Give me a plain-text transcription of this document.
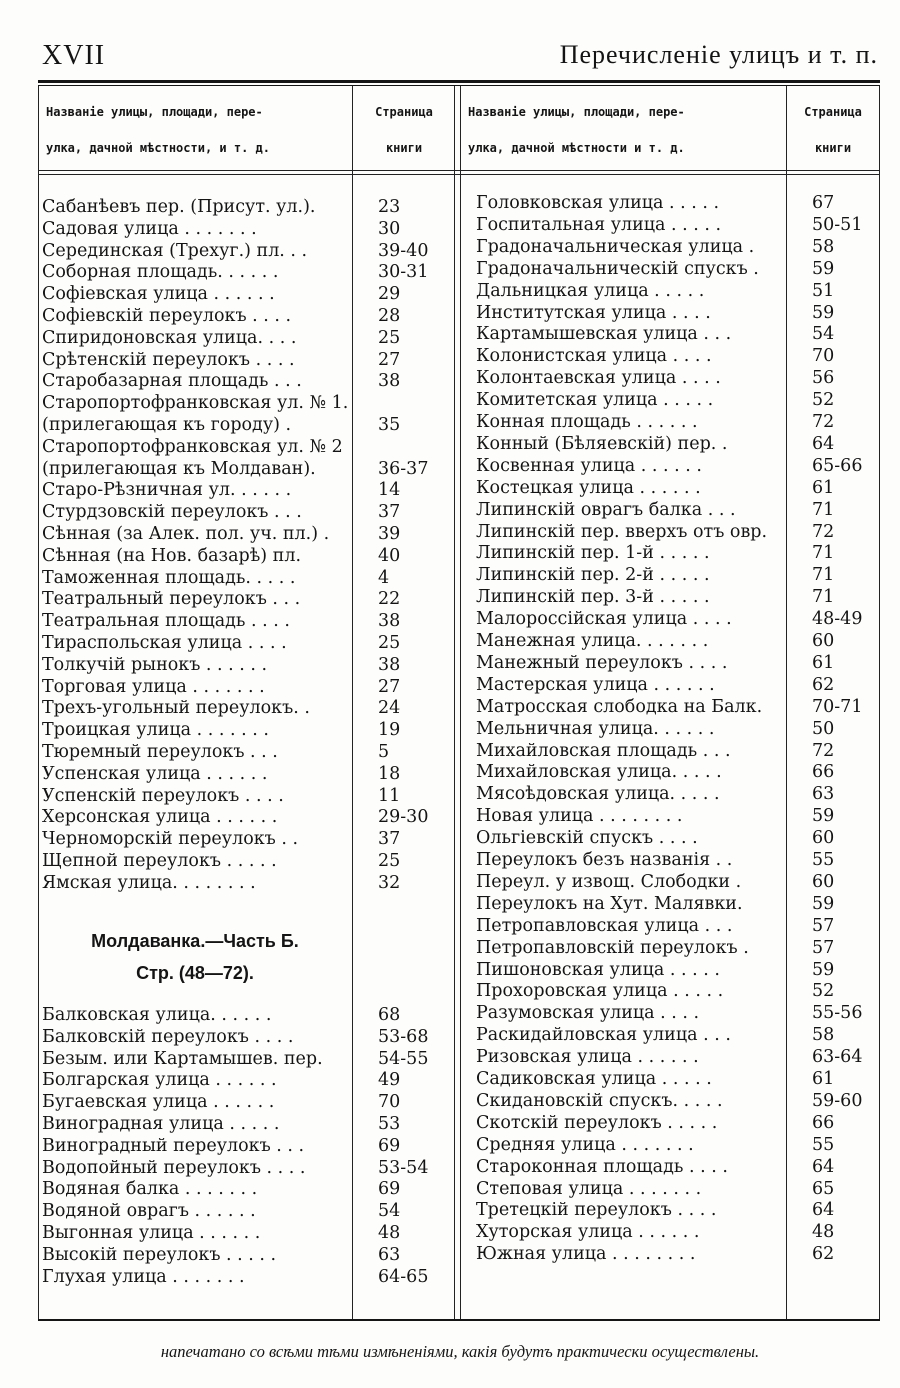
XVII	Перечисленіе улицъ и т. п.
Названіе улицы, площади, пере-
улка, дачной мѣстности, и т. д.
Страница
книги
Названіе улицы, площади, пере-
улка, дачной мѣстности и т. д.
Страница
книги
Сабанѣевъ пер. (Присут. ул.).	23
Садовая улица . . . . . . .	30
Серединская (Трехуг.) пл. . .	39-40
Соборная площадь. . . . . .	30-31
Софіевская улица . . . . . .	29
Софіевскій переулокъ . . . .	28
Спиридоновская улица. . . .	25
Срѣтенскій переулокъ . . . .	27
Старобазарная площадь . . .	38
Старопортофранковская ул. № 1.
(прилегающая къ городу) .	35
Старопортофранковская ул. № 2
(прилегающая къ Молдаван).	36-37
Старо-Рѣзничная ул. . . . . .	14
Стурдзовскій переулокъ . . .	37
Сѣнная (за Алек. пол. уч. пл.) .	39
Сѣнная (на Нов. базарѣ) пл.	40
Таможенная площадь. . . . .	4
Театральный переулокъ . . .	22
Театральная площадь . . . .	38
Тираспольская улица . . . .	25
Толкучій рынокъ . . . . . .	38
Торговая улица . . . . . . .	27
Трехъ-угольный переулокъ. .	24
Троицкая улица . . . . . . .	19
Тюремный переулокъ . . .	5
Успенская улица . . . . . .	18
Успенскій переулокъ . . . .	11
Херсонская улица . . . . . .	29-30
Черноморскій переулокъ . .	37
Щепной переулокъ . . . . .	25
Ямская улица. . . . . . . .	32
Молдаванка.—Часть Б.
Стр. (48—72).
Балковская улица. . . . . .	68
Балковскій переулокъ . . . .	53-68
Безым. или Картамышев. пер.	54-55
Болгарская улица . . . . . .	49
Бугаевская улица . . . . . .	70
Виноградная улица . . . . .	53
Виноградный переулокъ . . .	69
Водопойный переулокъ . . . .	53-54
Водяная балка . . . . . . .	69
Водяной оврагъ . . . . . .	54
Выгонная улица . . . . . .	48
Высокій переулокъ . . . . .	63
Глухая улица . . . . . . .	64-65
Головковская улица . . . . .	67
Госпитальная улица . . . . .	50-51
Градоначальническая улица .	58
Градоначальническій спускъ .	59
Дальницкая улица . . . . .	51
Институтская улица . . . .	59
Картамышевская улица . . .	54
Колонистская улица . . . .	70
Колонтаевская улица . . . .	56
Комитетская улица . . . . .	52
Конная площадь . . . . . .	72
Конный (Бѣляевскій) пер. .	64
Косвенная улица . . . . . .	65-66
Костецкая улица . . . . . .	61
Липинскій оврагъ балка . . .	71
Липинскій пер. вверхъ отъ овр.	72
Липинскій пер. 1-й . . . . .	71
Липинскій пер. 2-й . . . . .	71
Липинскій пер. 3-й . . . . .	71
Малороссійская улица . . . .	48-49
Манежная улица. . . . . . .	60
Манежный переулокъ . . . .	61
Мастерская улица . . . . . .	62
Матросская слободка на Балк.	70-71
Мельничная улица. . . . . .	50
Михайловская площадь . . .	72
Михайловская улица. . . . .	66
Мясоѣдовская улица. . . . .	63
Новая улица . . . . . . . .	59
Ольгіевскій спускъ . . . .	60
Переулокъ безъ названія . .	55
Переул. у извощ. Слободки .	60
Переулокъ на Хут. Малявки.	59
Петропавловская улица . . .	57
Петропавловскій переулокъ .	57
Пишоновская улица . . . . .	59
Прохоровская улица . . . . .	52
Разумовская улица . . . .	55-56
Раскидайловская улица . . .	58
Ризовская улица . . . . . .	63-64
Садиковская улица . . . . .	61
Скидановскій спускъ. . . . .	59-60
Скотскій переулокъ . . . . .	66
Средняя улица . . . . . . .	55
Староконная площадь . . . .	64
Степовая улица . . . . . . .	65
Третецкій переулокъ . . . .	64
Хуторская улица . . . . . .	48
Южная улица . . . . . . . .	62
напечатано со всѣми тѣми измѣненіями, какія будутъ практически осуществлены.
